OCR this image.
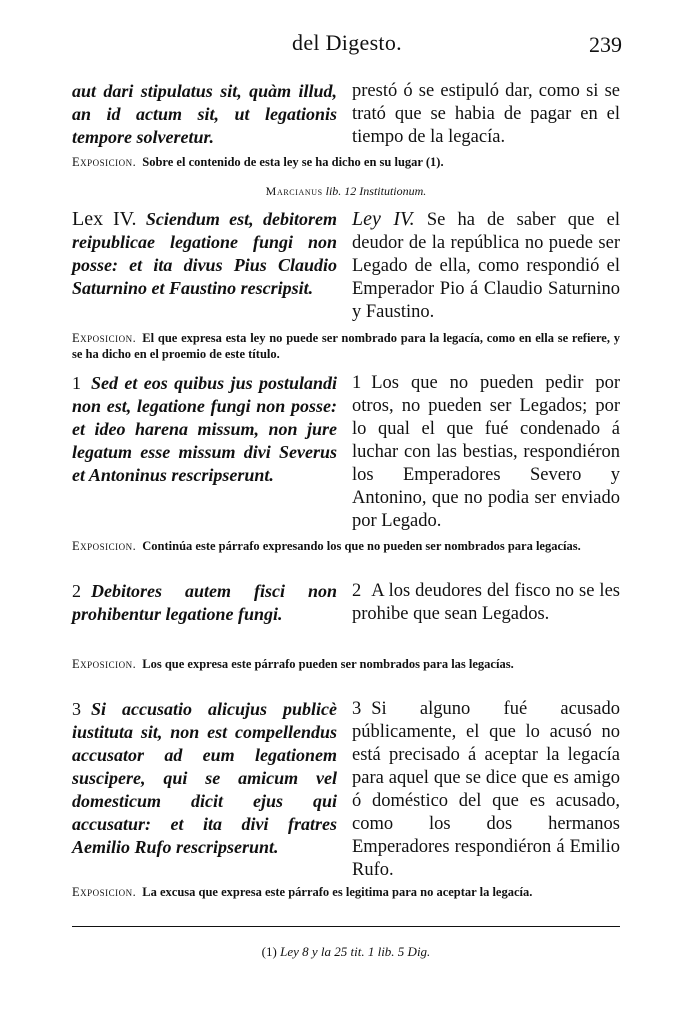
del Digesto.	239
aut dari stipulatus sit, quàm illud, an id actum sit, ut legationis tempore solveretur.
prestó ó se estipuló dar, como si se trató que se habia de pagar en el tiempo de la legacía.
Exposicion. Sobre el contenido de esta ley se ha dicho en su lugar (1).
Marcianus lib. 12 Institutionum.
Lex IV. Sciendum est, debitorem reipublicae legatione fungi non posse: et ita divus Pius Claudio Saturnino et Faustino rescripsit.
Ley IV. Se ha de saber que el deudor de la república no puede ser Legado de ella, como respondió el Emperador Pio á Claudio Saturnino y Faustino.
Exposicion. El que expresa esta ley no puede ser nombrado para la legacía, como en ella se refiere, y se ha dicho en el proemio de este título.
1 Sed et eos quibus jus postulandi non est, legatione fungi non posse: et ideo harena missum, non jure legatum esse missum divi Severus et Antoninus rescripserunt.
1 Los que no pueden pedir por otros, no pueden ser Legados; por lo qual el que fué condenado á luchar con las bestias, respondiéron los Emperadores Severo y Antonino, que no podia ser enviado por Legado.
Exposicion. Continúa este párrafo expresando los que no pueden ser nombrados para legacías.
2 Debitores autem fisci non prohibentur legatione fungi.
2 A los deudores del fisco no se les prohibe que sean Legados.
Exposicion. Los que expresa este párrafo pueden ser nombrados para las legacías.
3 Si accusatio alicujus publicè iustituta sit, non est compellendus accusator ad eum legationem suscipere, qui se amicum vel domesticum dicit ejus qui accusatur: et ita divi fratres Aemilio Rufo rescripserunt.
3 Si alguno fué acusado públicamente, el que lo acusó no está precisado á aceptar la legacía para aquel que se dice que es amigo ó doméstico del que es acusado, como los dos hermanos Emperadores respondiéron á Emilio Rufo.
Exposicion. La excusa que expresa este párrafo es legitima para no aceptar la legacía.
(1) Ley 8 y la 25 tit. 1 lib. 5 Dig.
